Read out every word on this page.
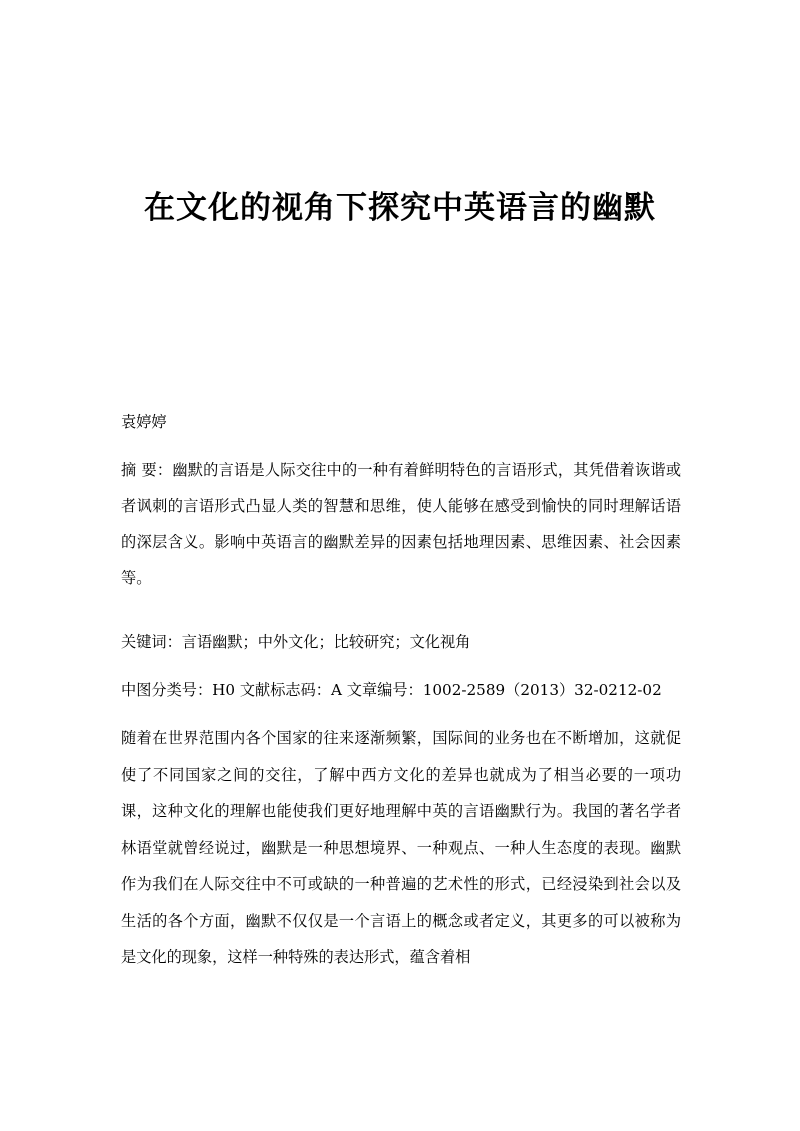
在文化的视角下探究中英语言的幽默

袁婷婷

摘 要：幽默的言语是人际交往中的一种有着鲜明特色的言语形式，其凭借着诙谐或者讽刺的言语形式凸显人类的智慧和思维，使人能够在感受到愉快的同时理解话语的深层含义。影响中英语言的幽默差异的因素包括地理因素、思维因素、社会因素等。

关键词：言语幽默；中外文化；比较研究；文化视角

中图分类号：H0 文献标志码：A 文章编号：1002-2589（2013）32-0212-02

随着在世界范围内各个国家的往来逐渐频繁，国际间的业务也在不断增加，这就促使了不同国家之间的交往，了解中西方文化的差异也就成为了相当必要的一项功课，这种文化的理解也能使我们更好地理解中英的言语幽默行为。我国的著名学者林语堂就曾经说过，幽默是一种思想境界、一种观点、一种人生态度的表现。幽默作为我们在人际交往中不可或缺的一种普遍的艺术性的形式，已经浸染到社会以及生活的各个方面，幽默不仅仅是一个言语上的概念或者定义，其更多的可以被称为是文化的现象，这样一种特殊的表达形式，蕴含着相
